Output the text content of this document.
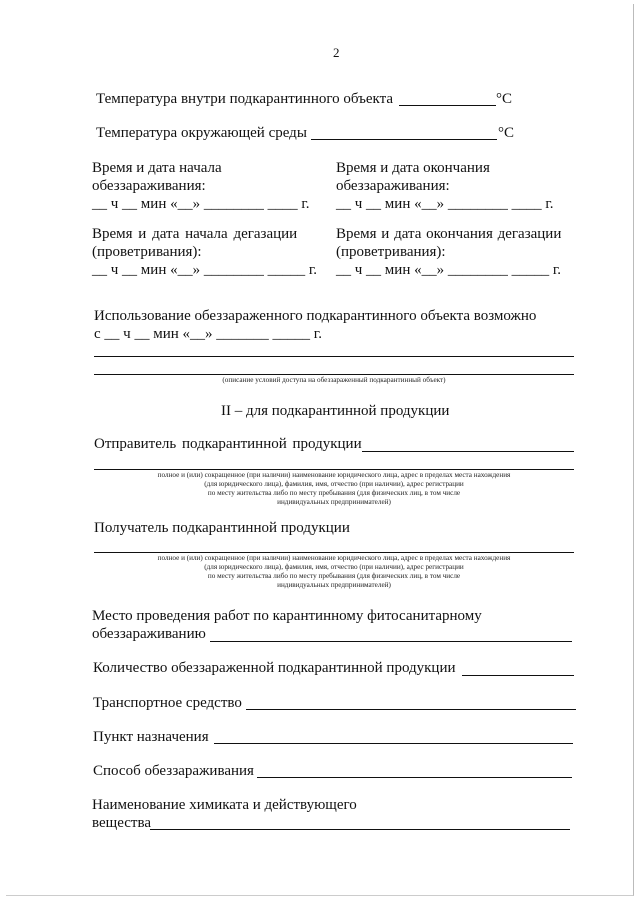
2
Температура внутри подкарантинного объекта	°С
Температура окружающей среды	°С
Время и дата начала
обеззараживания:
__ ч __ мин «__» ________ ____ г.
Время и дата окончания
обеззараживания:
__ ч __ мин «__» ________ ____ г.
Время и дата начала дегазации
(проветривания):
__ ч __ мин «__» ________ _____ г.
Время и дата окончания дегазации
(проветривания):
__ ч __ мин «__» ________ _____ г.
Использование обеззараженного подкарантинного объекта возможно
с __ ч __ мин «__» _______ _____ г.
(описание условий доступа на обеззараженный подкарантинный объект)
II – для подкарантинной продукции
Отправитель подкарантинной продукции
полное и (или) сокращенное (при наличии) наименование юридического лица, адрес в пределах места нахождения
(для юридического лица), фамилия, имя, отчество (при наличии), адрес регистрации
по месту жительства либо по месту пребывания (для физических лиц, в том числе
индивидуальных предпринимателей)
Получатель подкарантинной продукции
полное и (или) сокращенное (при наличии) наименование юридического лица, адрес в пределах места нахождения
(для юридического лица), фамилия, имя, отчество (при наличии), адрес регистрации
по месту жительства либо по месту пребывания (для физических лиц, в том числе
индивидуальных предпринимателей)
Место проведения работ по карантинному фитосанитарному
обеззараживанию
Количество обеззараженной подкарантинной продукции
Транспортное средство
Пункт назначения
Способ обеззараживания
Наименование химиката и действующего
вещества
